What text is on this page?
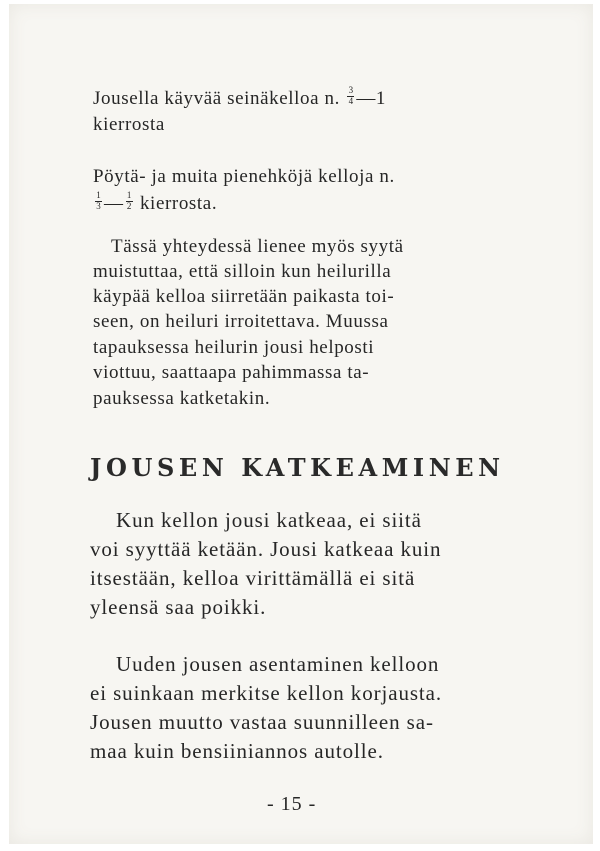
Jousella käyvää seinäkelloa n. $\frac{3}{4}$ —1
kierrosta
Pöytä- ja muita pienehköjä kelloja n.
$\frac{1}{3}$ — $\frac{1}{2}$ kierrosta.
Tässä yhteydessä lienee myös syytä
muistuttaa, että silloin kun heilurilla
käypää kelloa siirretään paikasta toi-
seen, on heiluri irroitettava. Muussa
tapauksessa heilurin jousi helposti
viottuu, saattaapa pahimmassa ta-
pauksessa katketakin.
JOUSEN KATKEAMINEN
Kun kellon jousi katkeaa, ei siitä
voi syyttää ketään. Jousi katkeaa kuin
itsestään, kelloa virittämällä ei sitä
yleensä saa poikki.
Uuden jousen asentaminen kelloon
ei suinkaan merkitse kellon korjausta.
Jousen muutto vastaa suunnilleen sa-
maa kuin bensiiniannos autolle.
- 15 -
